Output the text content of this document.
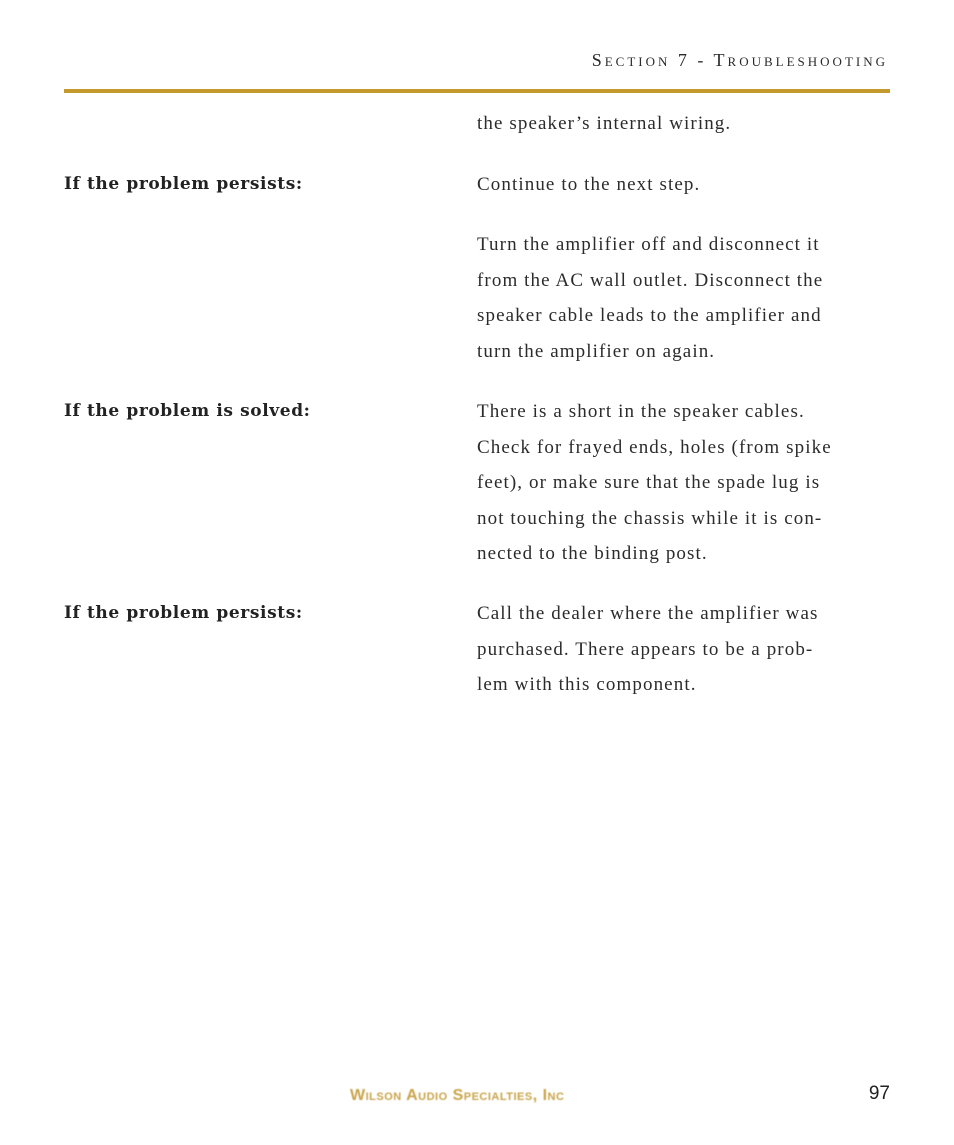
Section 7 - Troubleshooting
the speaker’s internal wiring.
If the problem persists:	Continue to the next step.
Turn the amplifier off and disconnect it
from the AC wall outlet. Disconnect the
speaker cable leads to the amplifier and
turn the amplifier on again.
If the problem is solved:	There is a short in the speaker cables.
Check for frayed ends, holes (from spike
feet), or make sure that the spade lug is
not touching the chassis while it is con-
nected to the binding post.
If the problem persists:	Call the dealer where the amplifier was
purchased. There appears to be a prob-
lem with this component.
Wilson Audio Specialties, Inc	97
